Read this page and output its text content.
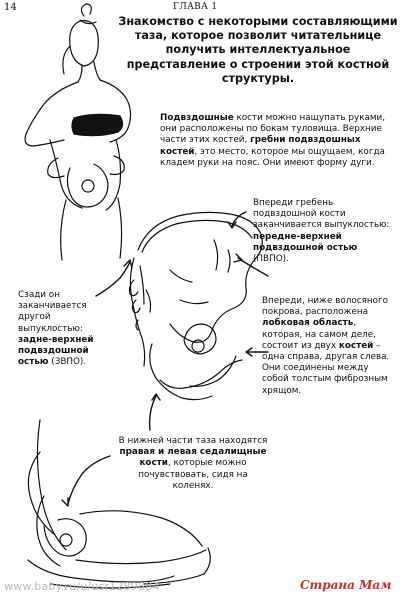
14	ГЛАВА 1
Знакомство с некоторыми составляющими таза, которое позволит читательнице получить интеллектуальное представление о строении этой костной структуры.
Подвздошные кости можно нащупать руками, они расположены по бокам туловища. Верхние части этих костей, гребни подвздошных костей, это место, которое мы ощущаем, когда кладем руки на пояс. Они имеют форму дуги.
Впереди гребень подвздошной кости заканчивается выпуклостью: передне-верхней подвздошной остью (ПВПО).
Сзади он заканчивается другой выпуклостью: задне-верхней подвздошной остью (ЗВПО).
Впереди, ниже волосяного покрова, расположена лобковая область, которая, на самом деле, состоит из двух костей – одна справа, другая слева. Они соединены между собой толстым фиброзным хрящом.
В нижней части таза находятся правая и левая седалищные кости, которые можно почувствовать, сидя на коленях.
www.baby.ru/u/usr1289884	Страна Мам
